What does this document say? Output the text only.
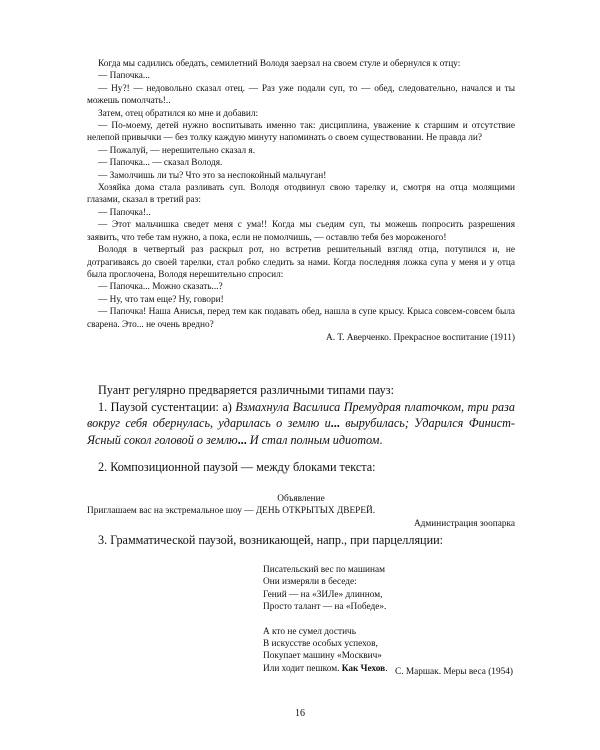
Когда мы садились обедать, семилетний Володя заерзал на своем стуле и обернулся к отцу:

— Папочка...

— Ну?! — недовольно сказал отец. — Раз уже подали суп, то — обед, следовательно, начался и ты можешь помолчать!..

Затем, отец обратился ко мне и добавил:

— По-моему, детей нужно воспитывать именно так: дисциплина, уважение к старшим и отсутствие нелепой привычки — без толку каждую минуту напоминать о своем существовании. Не правда ли?

— Пожалуй, — нерешительно сказал я.

— Папочка... — сказал Володя.

— Замолчишь ли ты? Что это за неспокойный мальчуган!

Хозяйка дома стала разливать суп. Володя отодвинул свою тарелку и, смотря на отца молящими глазами, сказал в третий раз:

— Папочка!..

— Этот мальчишка сведет меня с ума!! Когда мы съедим суп, ты можешь попросить разрешения заявить, что тебе там нужно, а пока, если не помолчишь, — оставлю тебя без мороженого!

Володя в четвертый раз раскрыл рот, но встретив решительный взгляд отца, потупился и, не дотрагиваясь до своей тарелки, стал робко следить за нами. Когда последняя ложка супа у меня и у отца была проглочена, Володя нерешительно спросил:

— Папочка... Можно сказать...?

— Ну, что там еще? Ну, говори!

— Папочка! Наша Анисья, перед тем как подавать обед, нашла в супе крысу. Крыса совсем-совсем была сварена. Это... не очень вредно?

А. Т. Аверченко. Прекрасное воспитание (1911)

Пуант регулярно предваряется различными типами пауз:

1. Паузой сустентации: а) Взмахнула Василиса Премудрая платочком, три раза вокруг себя обернулась, ударилась о землю и... вырубилась; Ударился Финист-Ясный сокол головой о землю... И стал полным идиотом.

2. Композиционной паузой — между блоками текста:

Объявление
Приглашаем вас на экстремальное шоу — ДЕНЬ ОТКРЫТЫХ ДВЕРЕЙ.
Администрация зоопарка
3. Грамматической паузой, возникающей, напр., при парцелляции:
Писательский вес по машинам
Они измеряли в беседе:
Гений — на «ЗИЛе» длинном,
Просто талант — на «Победе».
А кто не сумел достичь
В искусстве особых успехов,
Покупает машину «Москвич»
Или ходит пешком. Как Чехов. С. Маршак. Меры веса (1954)
16
